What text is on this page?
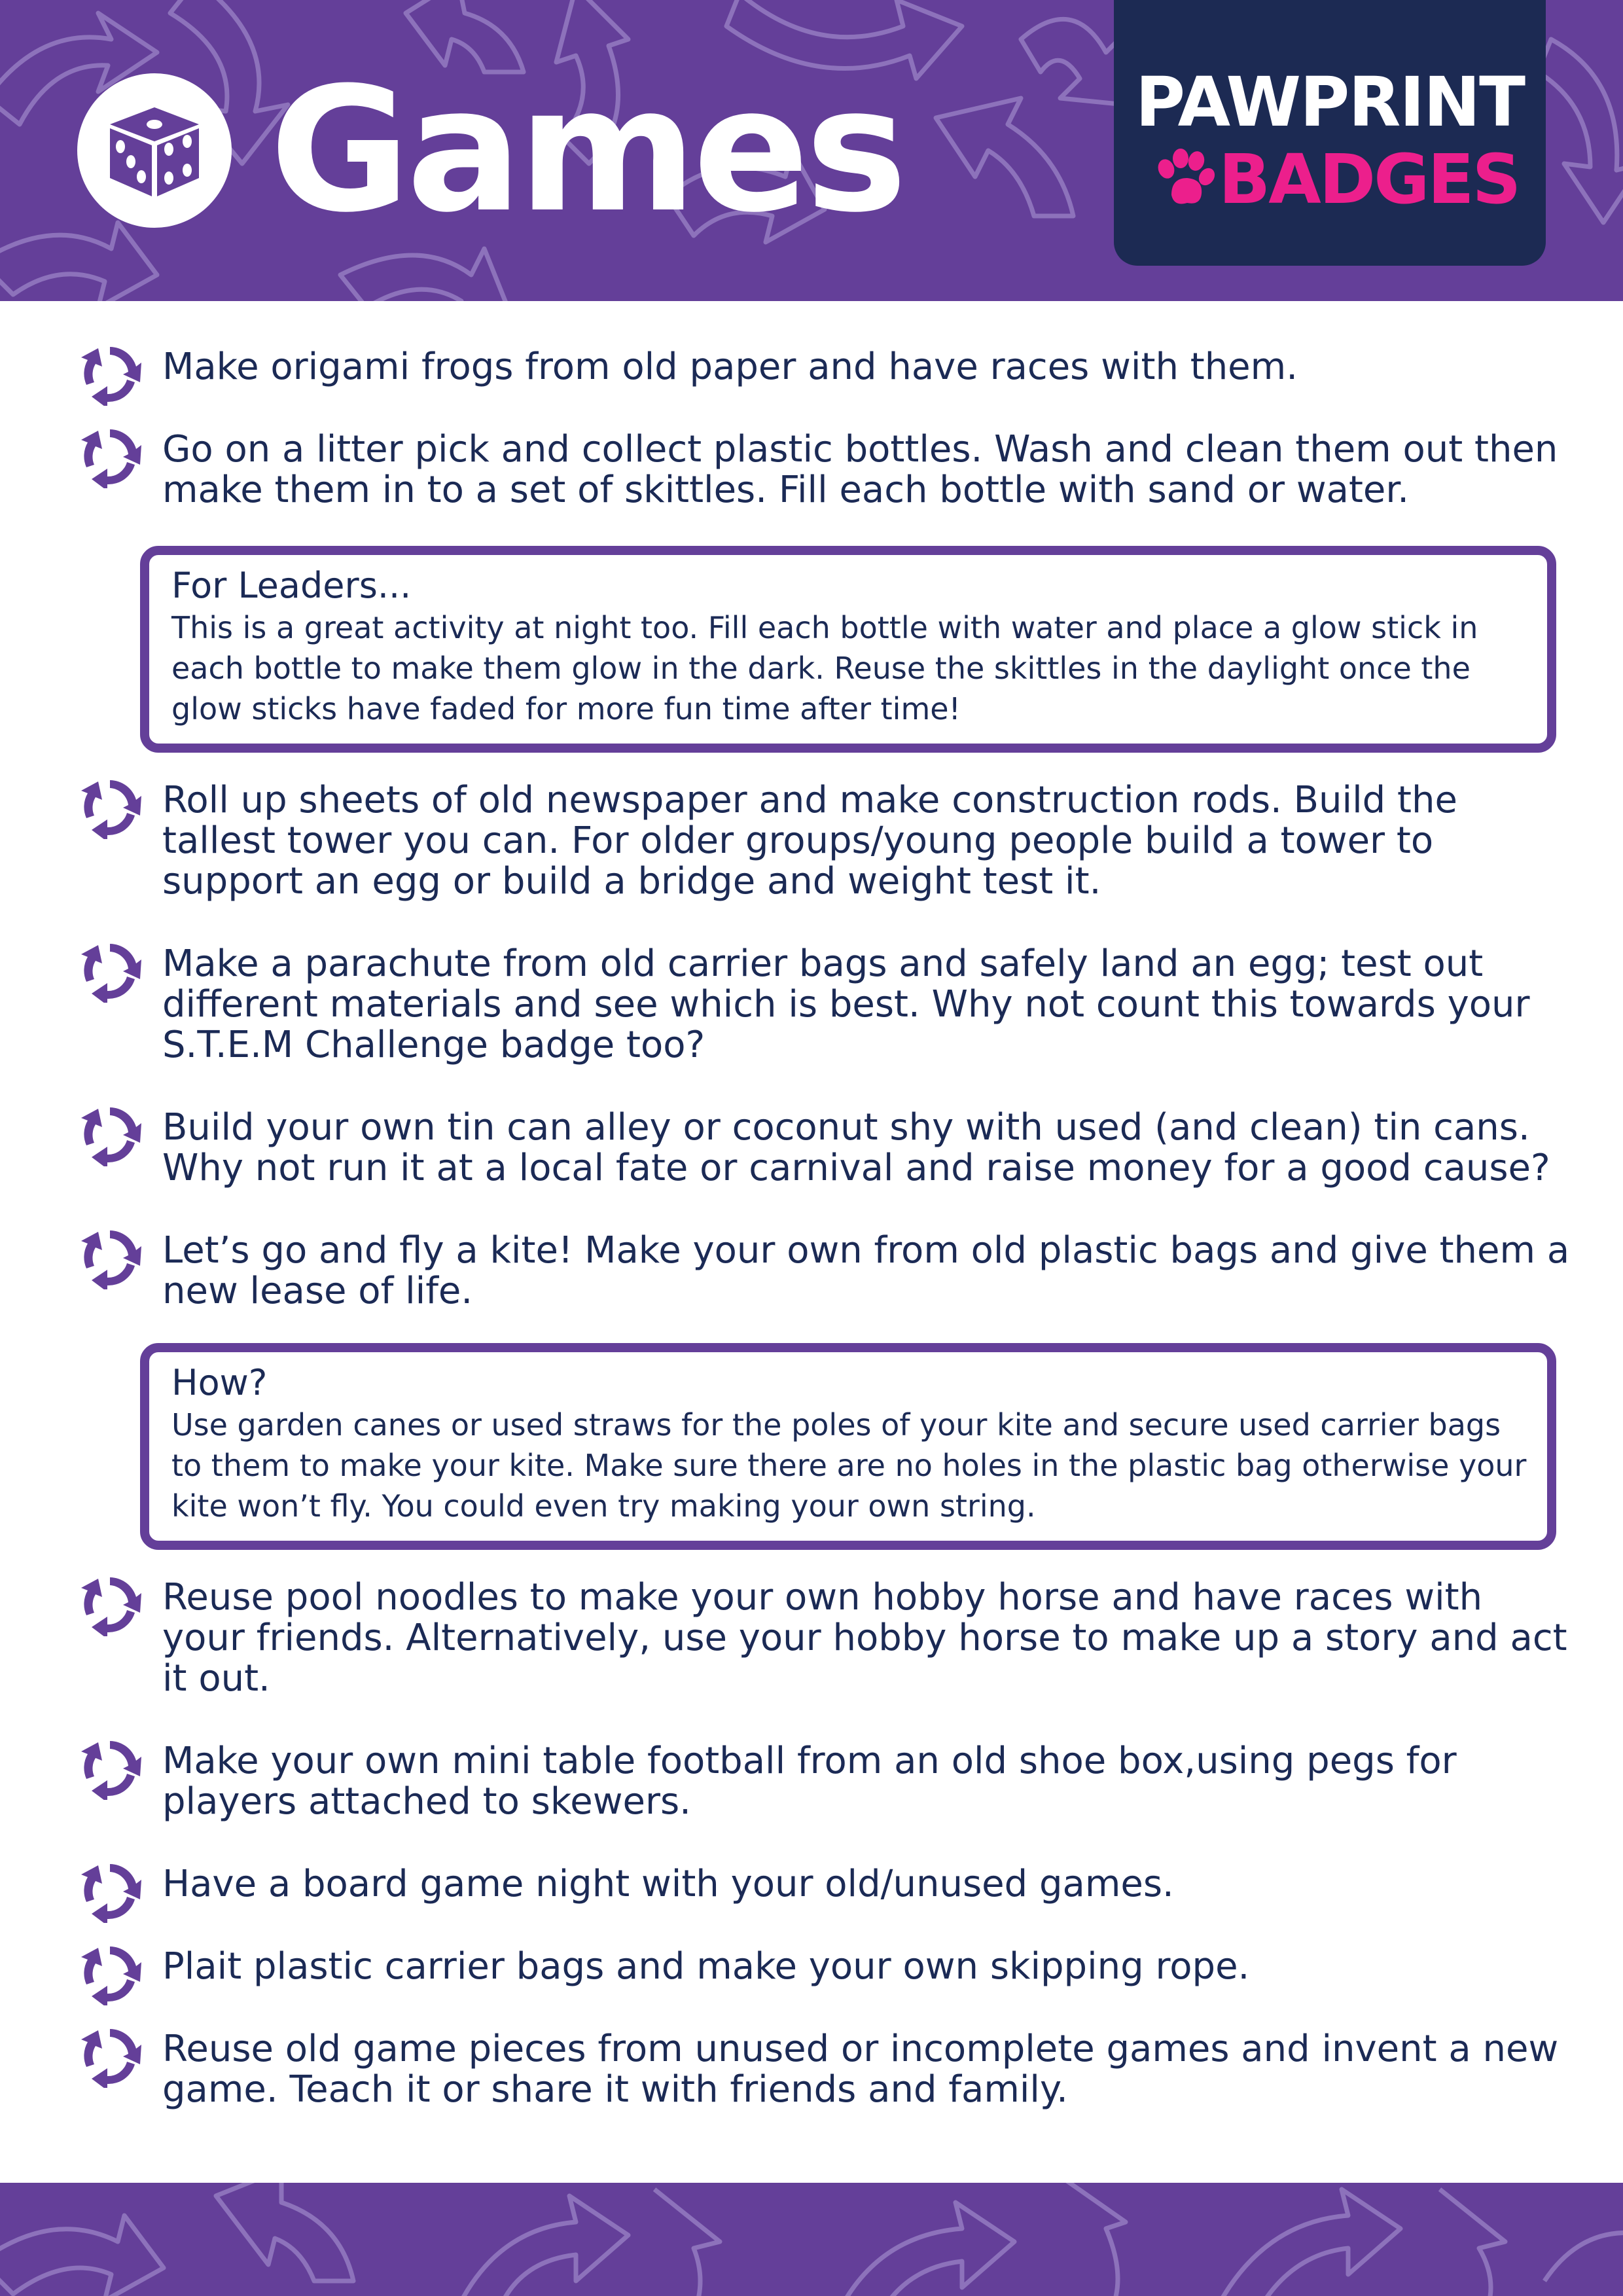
Games	PAWPRINT
BADGES
Make origami frogs from old paper and have races with them.
Go on a litter pick and collect plastic bottles. Wash and clean them out then
make them in to a set of skittles. Fill each bottle with sand or water.
For Leaders...
This is a great activity at night too. Fill each bottle with water and place a glow stick in
each bottle to make them glow in the dark. Reuse the skittles in the daylight once the
glow sticks have faded for more fun time after time!
Roll up sheets of old newspaper and make construction rods. Build the
tallest tower you can. For older groups/young people build a tower to
support an egg or build a bridge and weight test it.
Make a parachute from old carrier bags and safely land an egg; test out
different materials and see which is best. Why not count this towards your
S.T.E.M Challenge badge too?
Build your own tin can alley or coconut shy with used (and clean) tin cans.
Why not run it at a local fate or carnival and raise money for a good cause?
Let’s go and fly a kite! Make your own from old plastic bags and give them a
new lease of life.
How?
Use garden canes or used straws for the poles of your kite and secure used carrier bags
to them to make your kite. Make sure there are no holes in the plastic bag otherwise your
kite won’t fly. You could even try making your own string.
Reuse pool noodles to make your own hobby horse and have races with
your friends. Alternatively, use your hobby horse to make up a story and act
it out.
Make your own mini table football from an old shoe box,using pegs for
players attached to skewers.
Have a board game night with your old/unused games.
Plait plastic carrier bags and make your own skipping rope.
Reuse old game pieces from unused or incomplete games and invent a new
game. Teach it or share it with friends and family.
